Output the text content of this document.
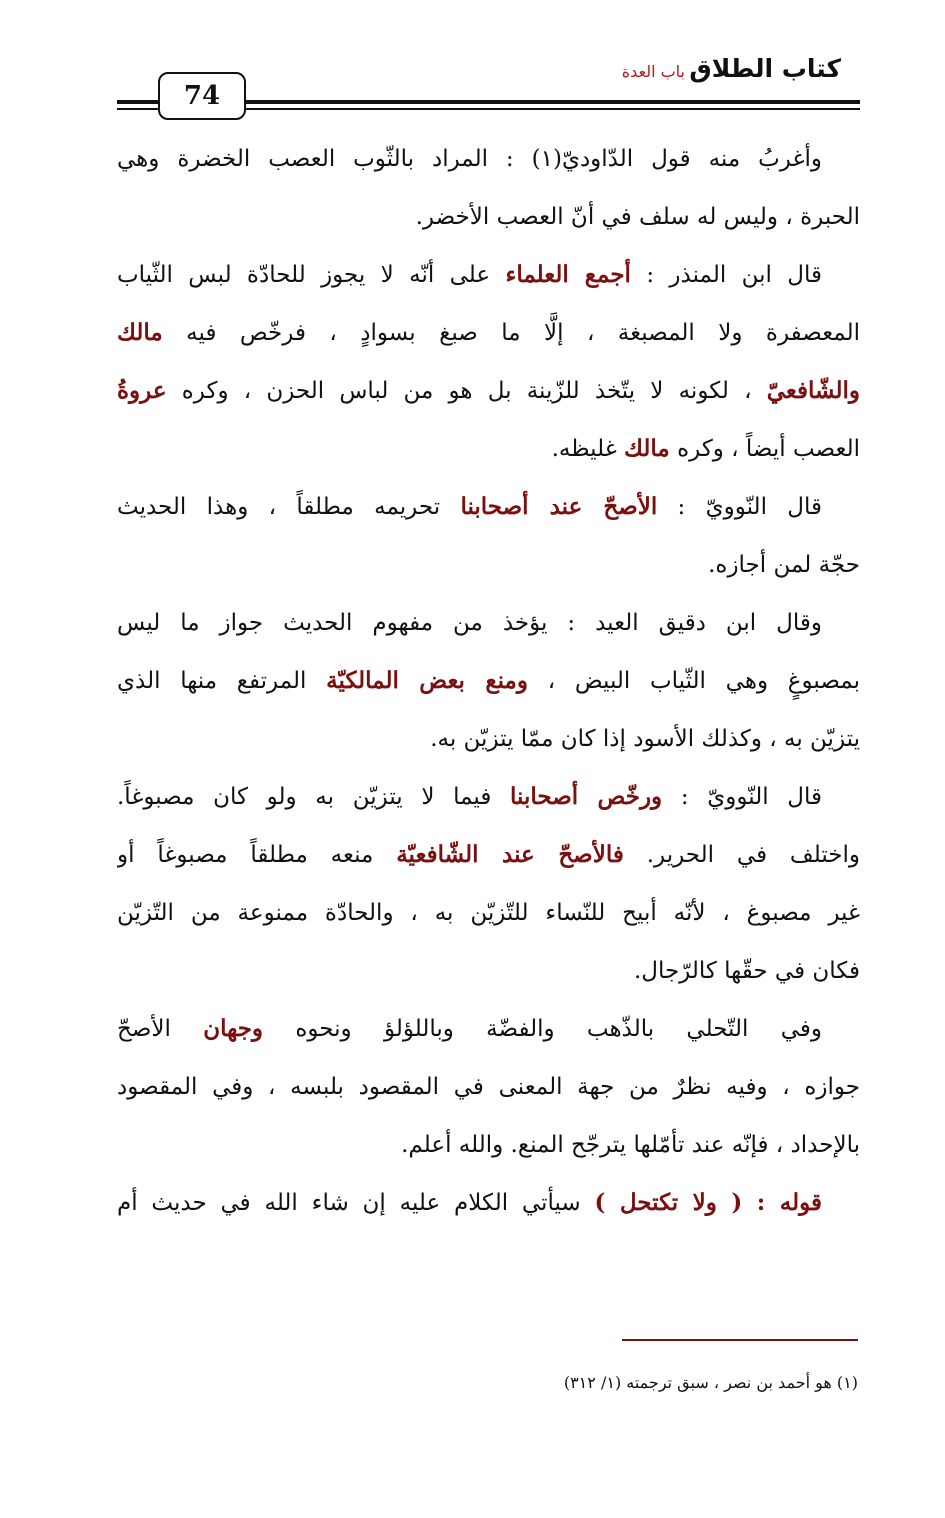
كتاب الطلاق
باب العدة
74
وأغربُ منه قول الدّاوديّ(١) : المراد بالثّوب العصب الخضرة وهي
الحبرة ، وليس له سلف في أنّ العصب الأخضر.
قال ابن المنذر : أجمع العلماء على أنّه لا يجوز للحادّة لبس الثّياب
المعصفرة ولا المصبغة ، إلَّا ما صبغ بسوادٍ ، فرخّص فيه مالك
والشّافعيّ ، لكونه لا يتّخذ للزّينة بل هو من لباس الحزن ، وكره عروةُ
العصب أيضاً ، وكره مالك غليظه.
قال النّوويّ : الأصحّ عند أصحابنا تحريمه مطلقاً ، وهذا الحديث
حجّة لمن أجازه.
وقال ابن دقيق العيد : يؤخذ من مفهوم الحديث جواز ما ليس
بمصبوغٍ وهي الثّياب البيض ، ومنع بعض المالكيّة المرتفع منها الذي
يتزيّن به ، وكذلك الأسود إذا كان ممّا يتزيّن به.
قال النّوويّ : ورخّص أصحابنا فيما لا يتزيّن به ولو كان مصبوغاً.
واختلف في الحرير. فالأصحّ عند الشّافعيّة منعه مطلقاً مصبوغاً أو
غير مصبوغ ، لأنّه أبيح للنّساء للتّزيّن به ، والحادّة ممنوعة من التّزيّن
فكان في حقّها كالرّجال.
وفي التّحلي بالذّهب والفضّة وباللؤلؤ ونحوه وجهان الأصحّ
جوازه ، وفيه نظرٌ من جهة المعنى في المقصود بلبسه ، وفي المقصود
بالإحداد ، فإنّه عند تأمّلها يترجّح المنع. والله أعلم.
قوله : ( ولا تكتحل ) سيأتي الكلام عليه إن شاء الله في حديث أم
(١) هو أحمد بن نصر ، سبق ترجمته (١/ ٣١٢)
